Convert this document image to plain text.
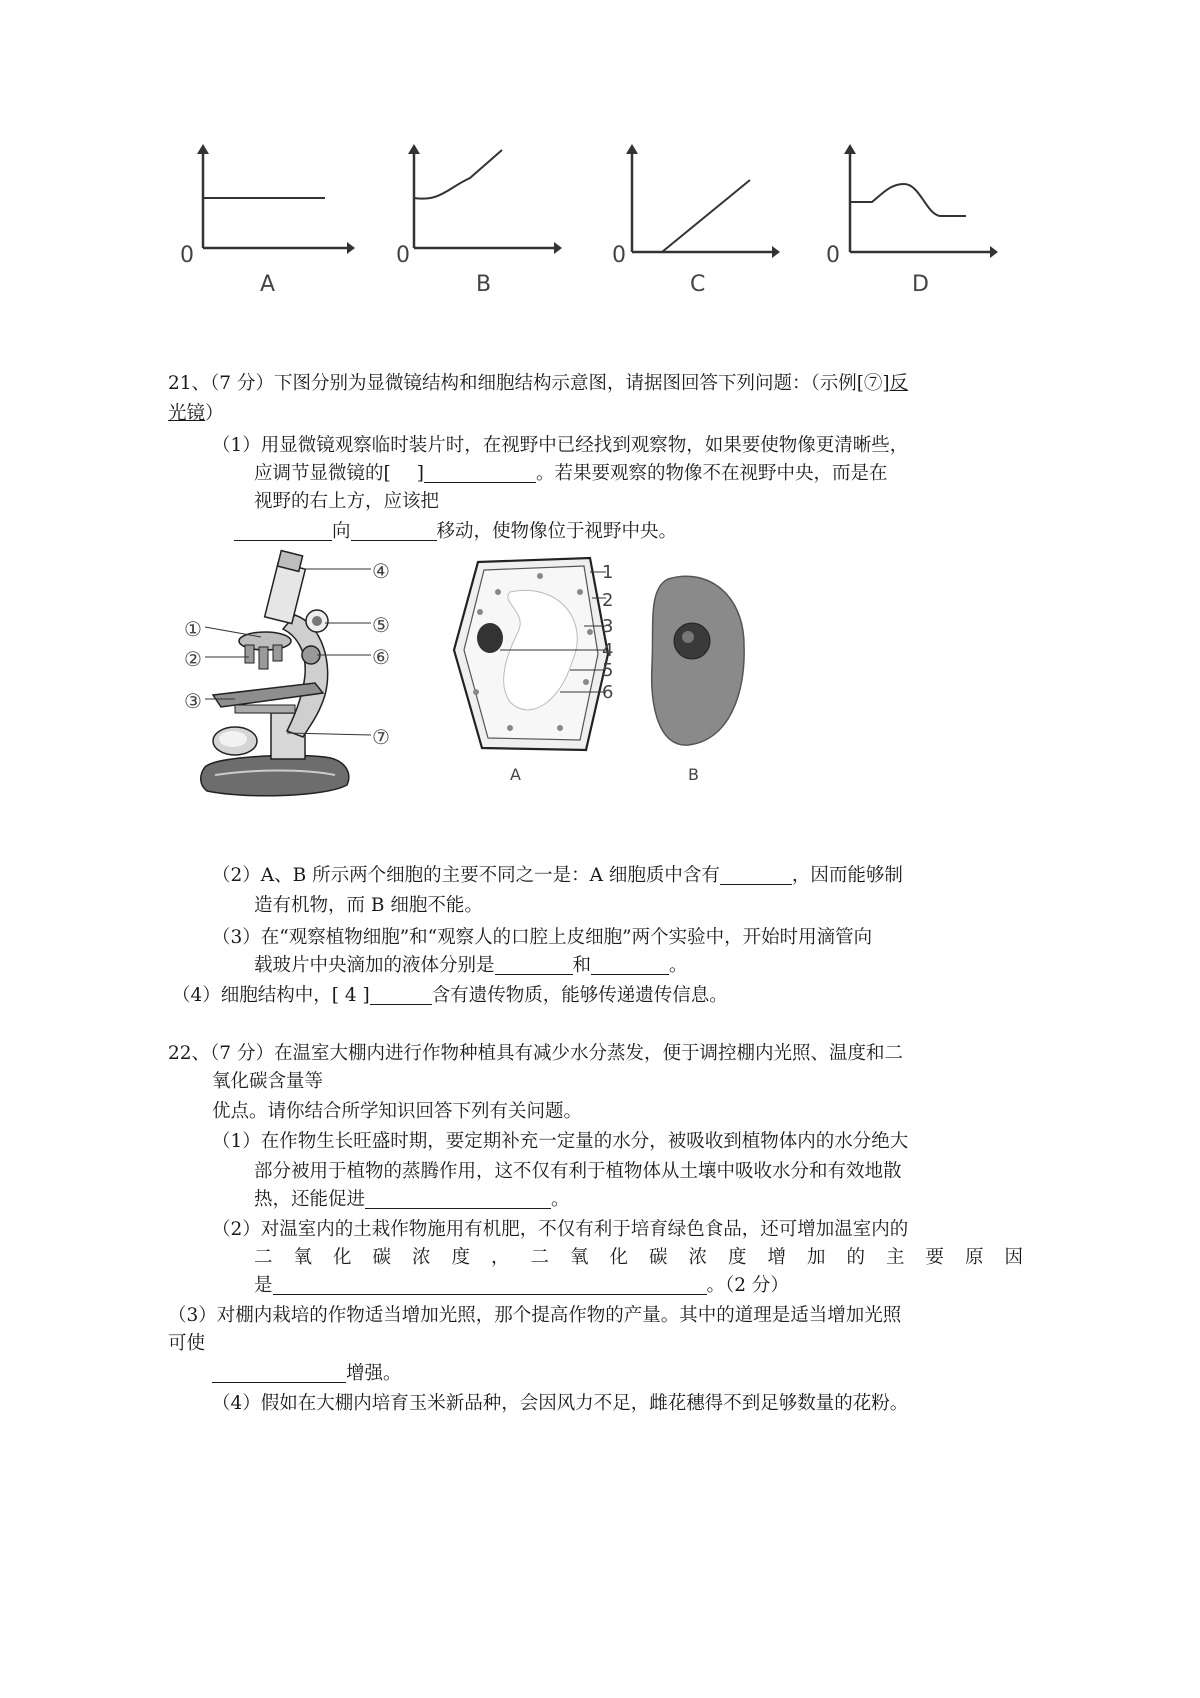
0
A
0
B
0
C
0
D
21、（7 分）下图分别为显微镜结构和细胞结构示意图，请据图回答下列问题：（示例[⑦]反
光镜）
（1）用显微镜观察临时装片时，在视野中已经找到观察物，如果要使物像更清晰些，
应调节显微镜的[ ]	。若果要观察的物像不在视野中央，而是在
视野的右上方，应该把
向	移动，使物像位于视野中央。
①
②
③
④
⑤
⑥
⑦
1
2
3
4
5
6
A	B
（2）A、B 所示两个细胞的主要不同之一是：A 细胞质中含有	，因而能够制
造有机物，而 B 细胞不能。
（3）在“观察植物细胞”和“观察人的口腔上皮细胞”两个实验中，开始时用滴管向
载玻片中央滴加的液体分别是	和	。
（4）细胞结构中，[ 4 ]	含有遗传物质，能够传递遗传信息。
22、（7 分）在温室大棚内进行作物种植具有减少水分蒸发，便于调控棚内光照、温度和二
氧化碳含量等
优点。请你结合所学知识回答下列有关问题。
（1）在作物生长旺盛时期，要定期补充一定量的水分，被吸收到植物体内的水分绝大
部分被用于植物的蒸腾作用，这不仅有利于植物体从土壤中吸收水分和有效地散
热，还能促进	。
（2）对温室内的土栽作物施用有机肥，不仅有利于培育绿色食品，还可增加温室内的
二氧化碳浓度，二氧化碳浓度增加的主要原因
是	。（2 分）
（3）对棚内栽培的作物适当增加光照，那个提高作物的产量。其中的道理是适当增加光照
可使
增强。
（4）假如在大棚内培育玉米新品种，会因风力不足，雌花穗得不到足够数量的花粉。
